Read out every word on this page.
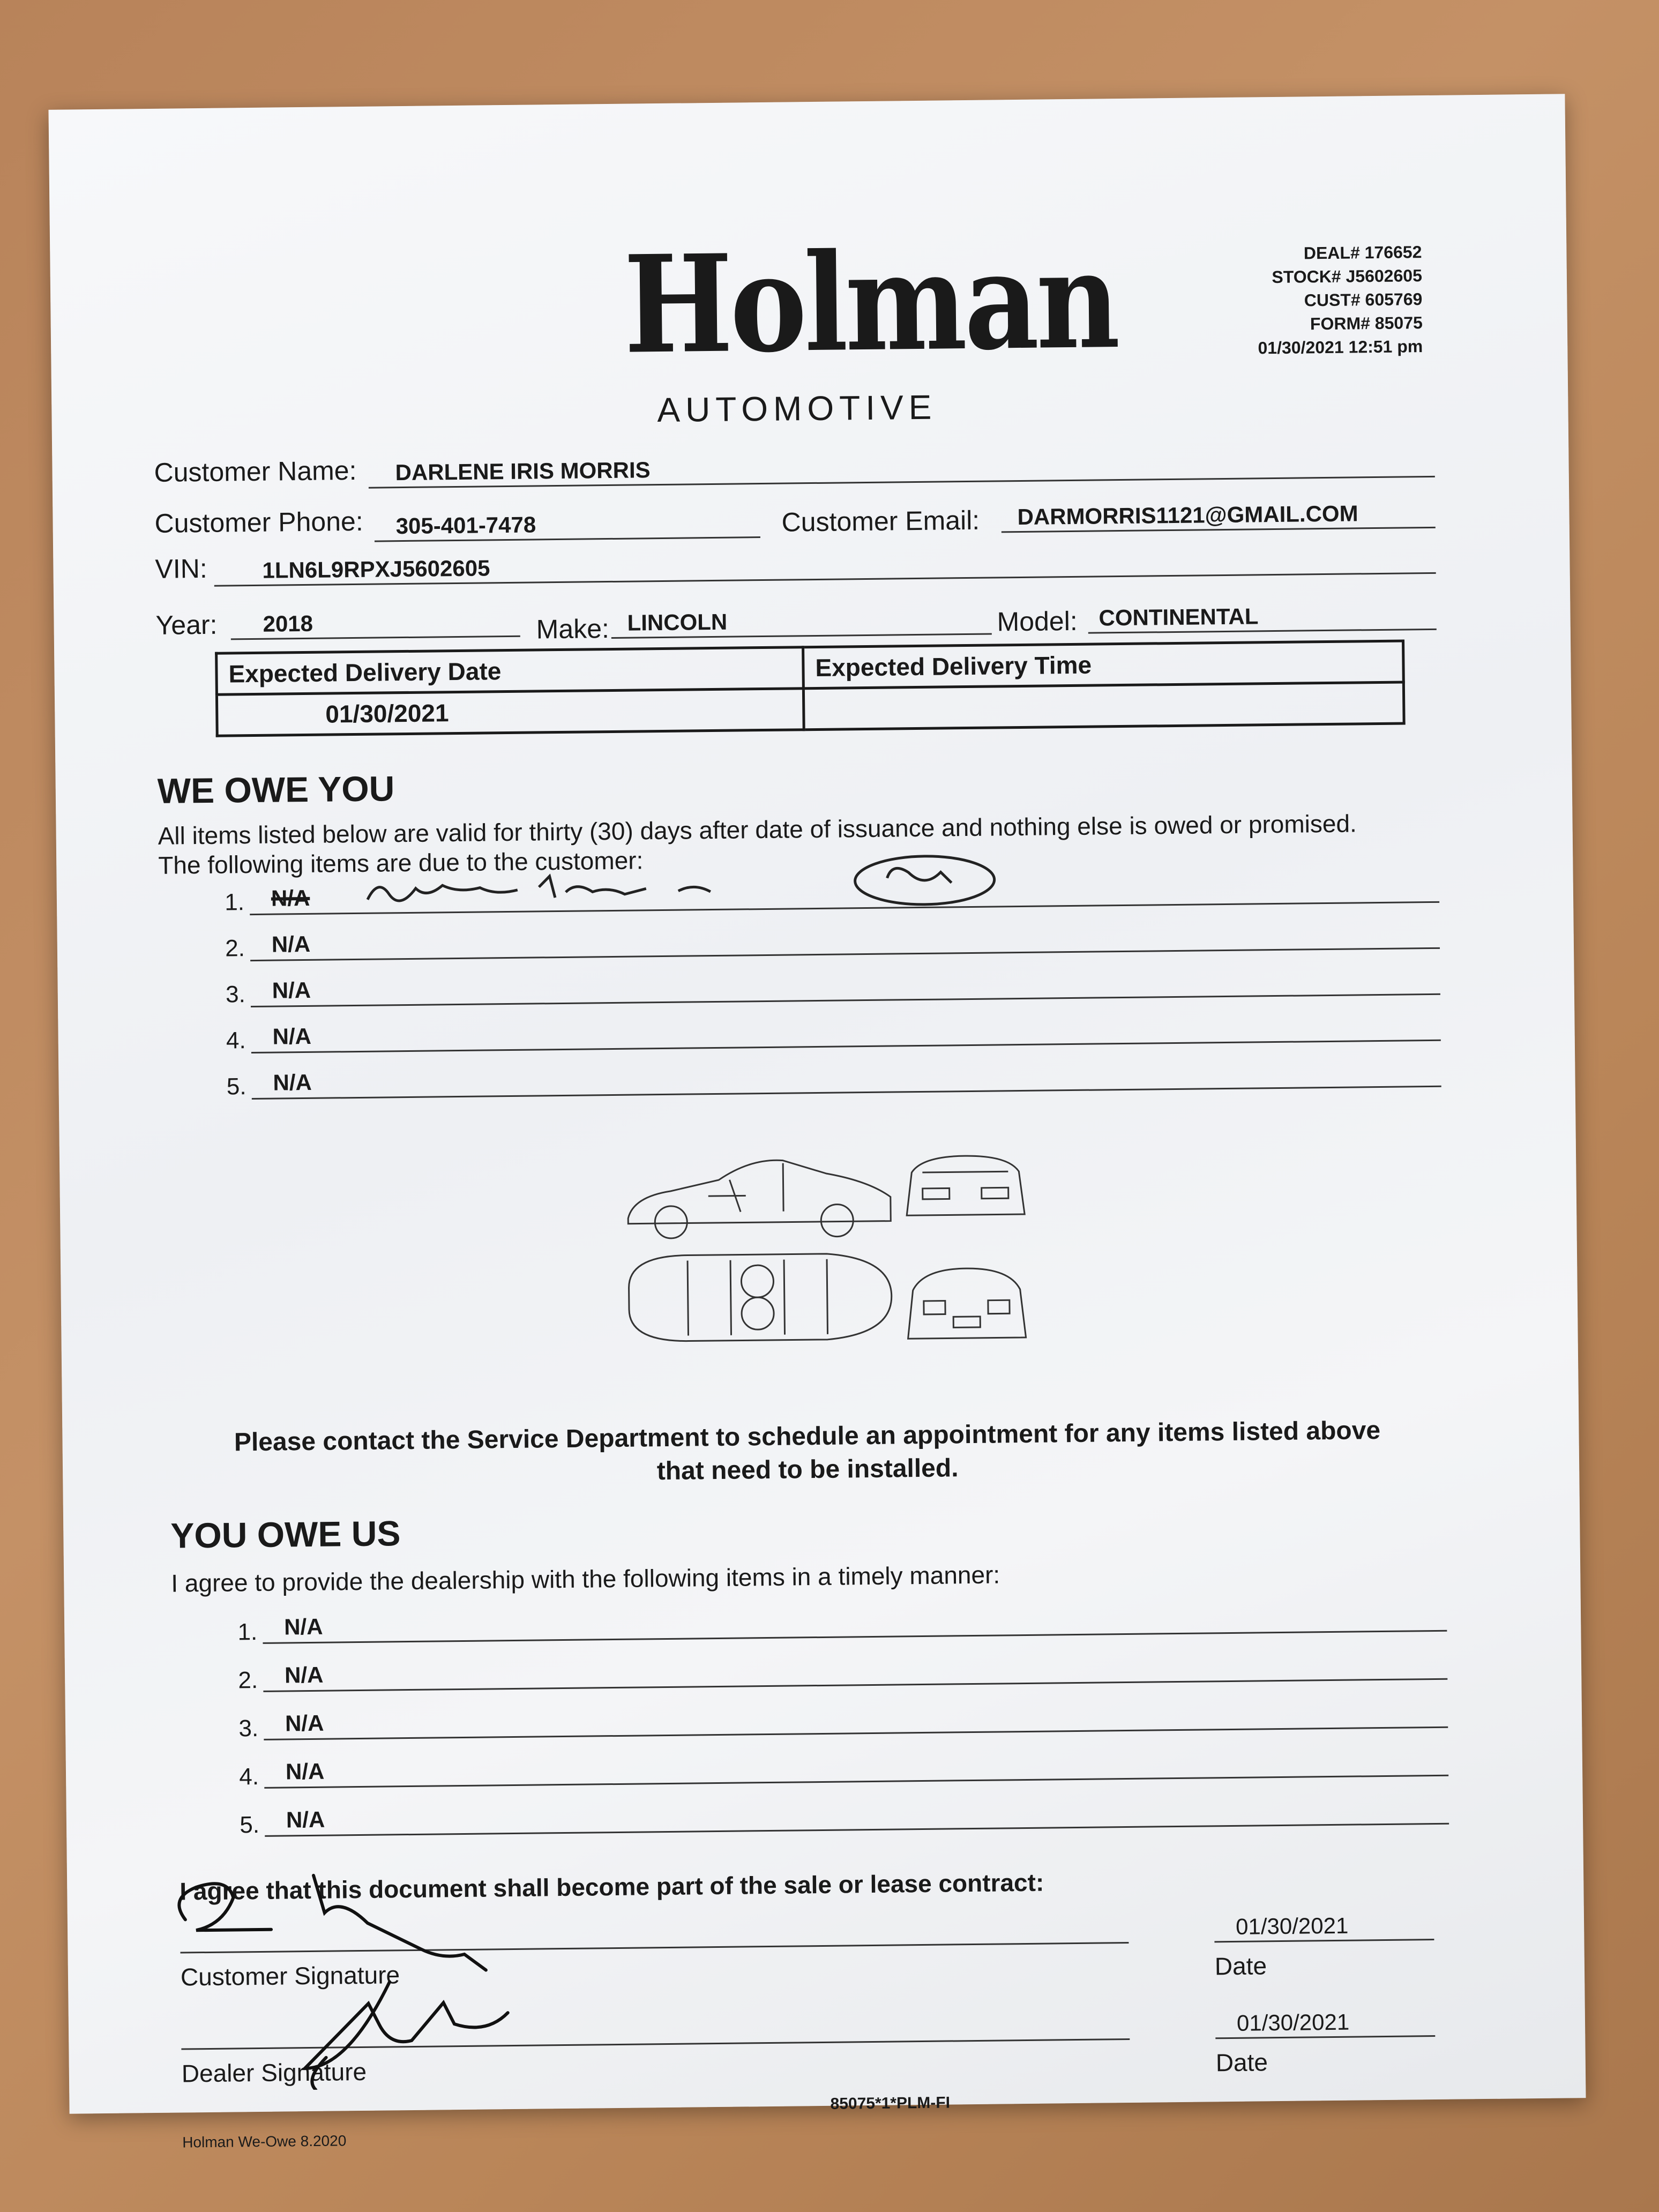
Holman
AUTOMOTIVE
DEAL# 176652
STOCK# J5602605
CUST# 605769
FORM# 85075
01/30/2021 12:51 pm
Customer Name: DARLENE IRIS MORRIS
Customer Phone: 305-401-7478	Customer Email: DARMORRIS1121@GMAIL.COM
VIN: 1LN6L9RPXJ5602605
Year: 2018	Make: LINCOLN	Model: CONTINENTAL
Expected Delivery Date	Expected Delivery Time
01/30/2021	
WE OWE YOU
All items listed below are valid for thirty (30) days after date of issuance and nothing else is owed or promised.
The following items are due to the customer:
1. N/A
2. N/A
3. N/A
4. N/A
5. N/A
Please contact the Service Department to schedule an appointment for any items listed above
that need to be installed.
YOU OWE US
I agree to provide the dealership with the following items in a timely manner:
1. N/A
2. N/A
3. N/A
4. N/A
5. N/A
I agree that this document shall become part of the sale or lease contract:
Customer Signature
01/30/2021
Date
Dealer Signature
01/30/2021
Date
85075*1*PLM-FI
Holman We-Owe 8.2020
